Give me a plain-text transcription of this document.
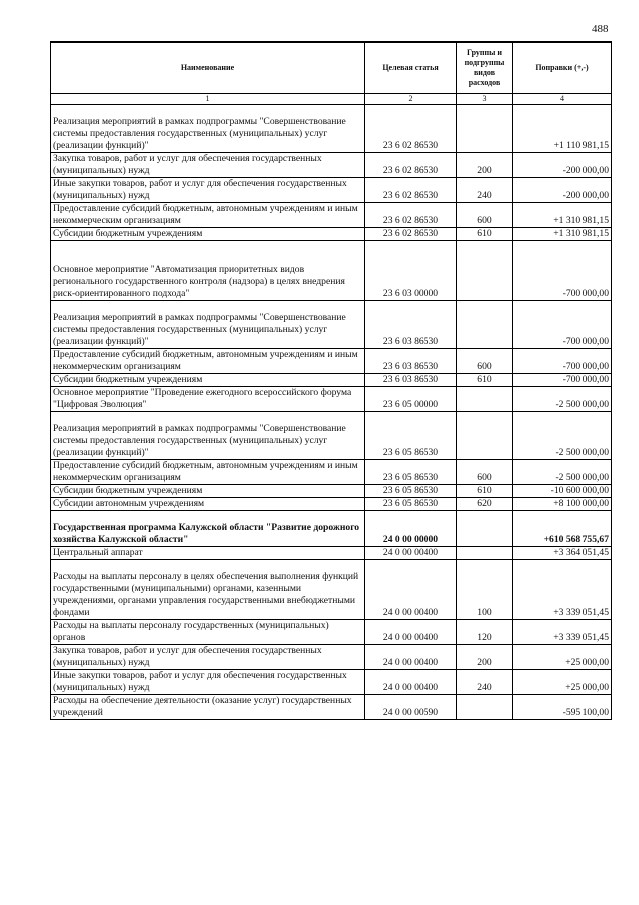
488
Наименование	Целевая статья	Группы и подгруппы видов расходов	Поправки (+,-)
1	2	3	4
Реализация мероприятий в рамках подпрограммы "Совершенствование системы предоставления государственных (муниципальных) услуг (реализации функций)"	23 6 02 86530		+1 110 981,15
Закупка товаров, работ и услуг для обеспечения государственных (муниципальных) нужд	23 6 02 86530	200	-200 000,00
Иные закупки товаров, работ и услуг для обеспечения государственных (муниципальных) нужд	23 6 02 86530	240	-200 000,00
Предоставление субсидий бюджетным, автономным учреждениям и иным некоммерческим организациям	23 6 02 86530	600	+1 310 981,15
Субсидии бюджетным учреждениям	23 6 02 86530	610	+1 310 981,15
Основное мероприятие "Автоматизация приоритетных видов регионального государственного контроля (надзора) в целях внедрения риск-ориентированного подхода"	23 6 03 00000		-700 000,00
Реализация мероприятий в рамках подпрограммы "Совершенствование системы предоставления государственных (муниципальных) услуг (реализации функций)"	23 6 03 86530		-700 000,00
Предоставление субсидий бюджетным, автономным учреждениям и иным некоммерческим организациям	23 6 03 86530	600	-700 000,00
Субсидии бюджетным учреждениям	23 6 03 86530	610	-700 000,00
Основное мероприятие "Проведение ежегодного всероссийского форума "Цифровая Эволюция"	23 6 05 00000		-2 500 000,00
Реализация мероприятий в рамках подпрограммы "Совершенствование системы предоставления государственных (муниципальных) услуг (реализации функций)"	23 6 05 86530		-2 500 000,00
Предоставление субсидий бюджетным, автономным учреждениям и иным некоммерческим организациям	23 6 05 86530	600	-2 500 000,00
Субсидии бюджетным учреждениям	23 6 05 86530	610	-10 600 000,00
Субсидии автономным учреждениям	23 6 05 86530	620	+8 100 000,00
Государственная программа Калужской области "Развитие дорожного хозяйства Калужской области"	24 0 00 00000		+610 568 755,67
Центральный аппарат	24 0 00 00400		+3 364 051,45
Расходы на выплаты персоналу в целях обеспечения выполнения функций государственными (муниципальными) органами, казенными учреждениями, органами управления государственными внебюджетными фондами	24 0 00 00400	100	+3 339 051,45
Расходы на выплаты персоналу государственных (муниципальных) органов	24 0 00 00400	120	+3 339 051,45
Закупка товаров, работ и услуг для обеспечения государственных (муниципальных) нужд	24 0 00 00400	200	+25 000,00
Иные закупки товаров, работ и услуг для обеспечения государственных (муниципальных) нужд	24 0 00 00400	240	+25 000,00
Расходы на обеспечение деятельности (оказание услуг) государственных учреждений	24 0 00 00590		-595 100,00
